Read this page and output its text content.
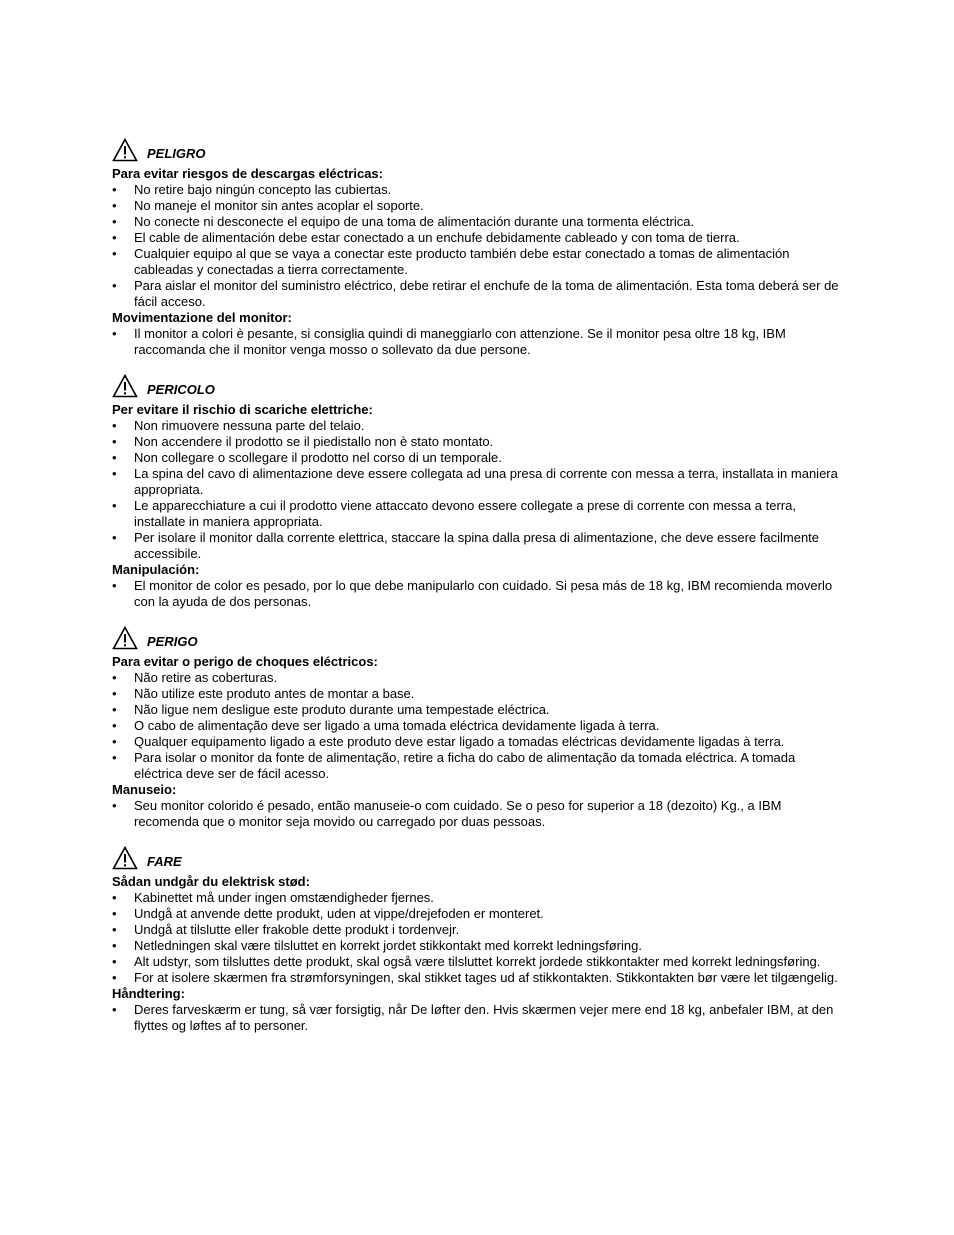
PELIGRO
Para evitar riesgos de descargas eléctricas:
• No retire bajo ningún concepto las cubiertas.
• No maneje el monitor sin antes acoplar el soporte.
• No conecte ni desconecte el equipo de una toma de alimentación durante una tormenta eléctrica.
• El cable de alimentación debe estar conectado a un enchufe debidamente cableado y con toma de tierra.
• Cualquier equipo al que se vaya a conectar este producto también debe estar conectado a tomas de alimentación cableadas y conectadas a tierra correctamente.
• Para aislar el monitor del suministro eléctrico, debe retirar el enchufe de la toma de alimentación. Esta toma deberá ser de fácil acceso.
Movimentazione del monitor:
• Il monitor a colori è pesante, si consiglia quindi di maneggiarlo con attenzione. Se il monitor pesa oltre 18 kg, IBM raccomanda che il monitor venga mosso o sollevato da due persone.
PERICOLO
Per evitare il rischio di scariche elettriche:
• Non rimuovere nessuna parte del telaio.
• Non accendere il prodotto se il piedistallo non è stato montato.
• Non collegare o scollegare il prodotto nel corso di un temporale.
• La spina del cavo di alimentazione deve essere collegata ad una presa di corrente con messa a terra, installata in maniera appropriata.
• Le apparecchiature a cui il prodotto viene attaccato devono essere collegate a prese di corrente con messa a terra, installate in maniera appropriata.
• Per isolare il monitor dalla corrente elettrica, staccare la spina dalla presa di alimentazione, che deve essere facilmente accessibile.
Manipulación:
• El monitor de color es pesado, por lo que debe manipularlo con cuidado. Si pesa más de 18 kg, IBM recomienda moverlo con la ayuda de dos personas.
PERIGO
Para evitar o perigo de choques eléctricos:
• Não retire as coberturas.
• Não utilize este produto antes de montar a base.
• Não ligue nem desligue este produto durante uma tempestade eléctrica.
• O cabo de alimentação deve ser ligado a uma tomada eléctrica devidamente ligada à terra.
• Qualquer equipamento ligado a este produto deve estar ligado a tomadas eléctricas devidamente ligadas à terra.
• Para isolar o monitor da fonte de alimentação, retire a ficha do cabo de alimentação da tomada eléctrica. A tomada eléctrica deve ser de fácil acesso.
Manuseio:
• Seu monitor colorido é pesado, então manuseie-o com cuidado. Se o peso for superior a 18 (dezoito) Kg., a IBM recomenda que o monitor seja movido ou carregado por duas pessoas.
FARE
Sådan undgår du elektrisk stød:
• Kabinettet må under ingen omstændigheder fjernes.
• Undgå at anvende dette produkt, uden at vippe/drejefoden er monteret.
• Undgå at tilslutte eller frakoble dette produkt i tordenvejr.
• Netledningen skal være tilsluttet en korrekt jordet stikkontakt med korrekt ledningsføring.
• Alt udstyr, som tilsluttes dette produkt, skal også være tilsluttet korrekt jordede stikkontakter med korrekt ledningsføring.
• For at isolere skærmen fra strømforsyningen, skal stikket tages ud af stikkontakten. Stikkontakten bør være let tilgængelig.
Håndtering:
• Deres farveskærm er tung, så vær forsigtig, når De løfter den. Hvis skærmen vejer mere end 18 kg, anbefaler IBM, at den flyttes og løftes af to personer.
